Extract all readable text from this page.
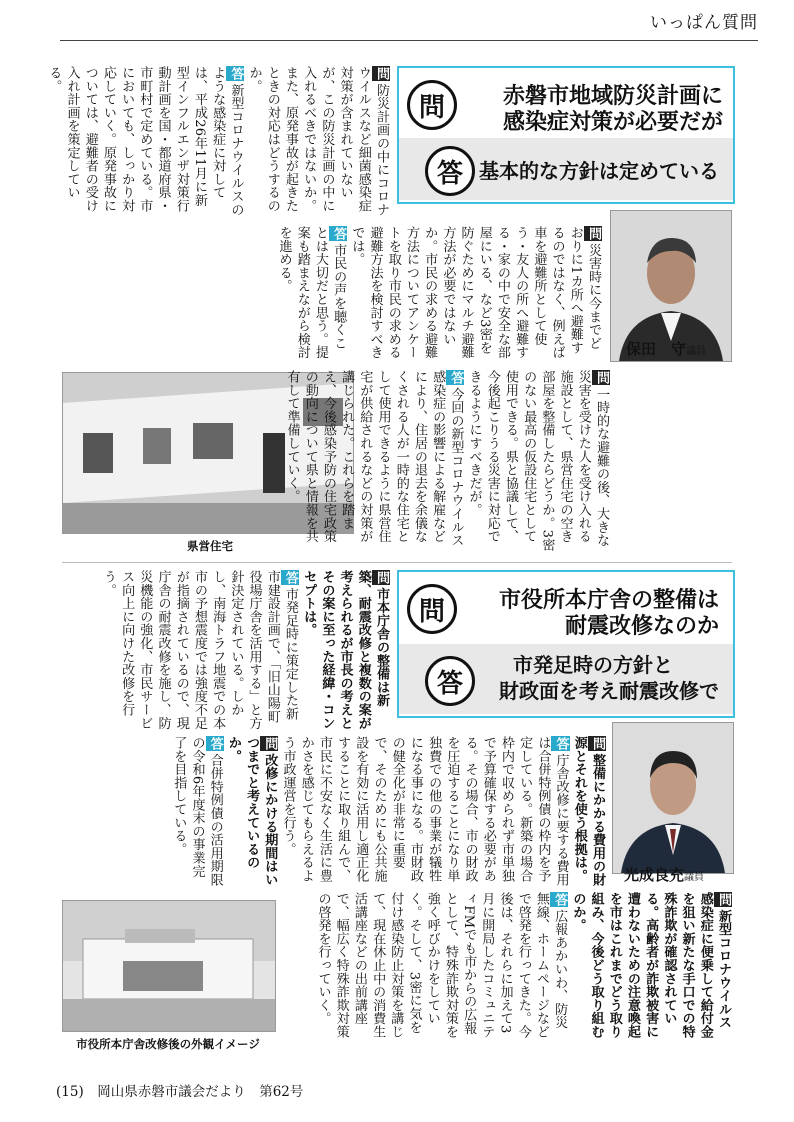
いっぱん質問
問	赤磐市地域防災計画に
感染症対策が必要だが
答 基本的な方針は定めている
問防災計画の中にコロナウイルスなど細菌感染症対策が含まれていないが、この防災計画の中に入れるべきではないか。また、原発事故が起きたときの対応はどうするのか。
答新型コロナウイルスのような感染症に対しては、平成26年11月に新型インフルエンザ対策行動計画を国・都道府県・市町村で定めている。市においても、しっかり対応していく。原発事故については、避難者の受け入れ計画を策定している。
問災害時に今までどおりに1カ所へ避難するのではなく、例えば車を避難所として使う・友人の所へ避難する・家の中で安全な部屋にいる、など3密を防ぐためにマルチ避難方法が必要ではないか。市民の求める避難方法についてアンケートを取り市民の求める避難方法を検討すべきでは。
答市民の声を聴くことは大切だと思う。提案も踏まえながら検討を進める。
保田　守議員
県営住宅
問一時的な避難の後、大きな災害を受けた人を受け入れる施設として、県営住宅の空き部屋を整備したらどうか。3密のない最高の仮設住宅として使用できる。県と協議して、今後起こりうる災害に対応できるようにすべきだが。
答今回の新型コロナウイルス感染症の影響による解雇などにより、住居の退去を余儀なくされる人が一時的な住宅として使用できるように県営住宅が供給されるなどの対策が講じられた。これらを踏まえ、今後感染予防の住宅政策の動向について県と情報を共有して準備していく。
問	市役所本庁舎の整備は
耐震改修なのか
答
市発足時の方針と
財政面を考え耐震改修で
問市本庁舎の整備は新築、耐震改修と複数の案が考えられるが市長の考えとその案に至った経緯・コンセプトは。
答市発足時に策定した新市建設計画で、「旧山陽町役場庁舎を活用する」と方針決定されている。しかし、南海トラフ地震での本市の予想震度では強度不足が指摘されているので、現庁舎の耐震改修を施し、防災機能の強化、市民サービス向上に向けた改修を行う。
問整備にかかる費用の財源とそれを使う根拠は。
答庁舎改修に要する費用は合併特例債の枠内を予定している。新築の場合枠内で収められず市単独で予算確保する必要がある。その場合、市の財政を圧迫することになり単独費での他の事業が犠牲になる事になる。市財政の健全化が非常に重要で、そのためにも公共施設を有効に活用し適正化することに取り組んで、市民に不安なく生活に豊かさを感じてもらえるよう市政運営を行う。
問改修にかける期間はいつまでと考えているのか。
答合併特例債の活用期限の令和6年度末の事業完了を目指している。
光成良充議員
市役所本庁舎改修後の外観イメージ
問新型コロナウイルス感染症に便乗して給付金を狙い新たな手口での特殊詐欺が確認されている。高齢者が詐欺被害に遭わないための注意喚起を市はこれまでどう取り組み、今後どう取り組むのか。
答広報あかいわ、防災無線、ホームページなどで啓発を行ってきた。今後は、それらに加えて3月に開局したコミュニティFMでも市からの広報として、特殊詐欺対策を強く呼びかけをしていく。そして、3密に気を付け感染防止対策を講じて、現在休止中の消費生活講座などの出前講座で、幅広く特殊詐欺対策の啓発を行っていく。
(15)　岡山県赤磐市議会だより　第62号
